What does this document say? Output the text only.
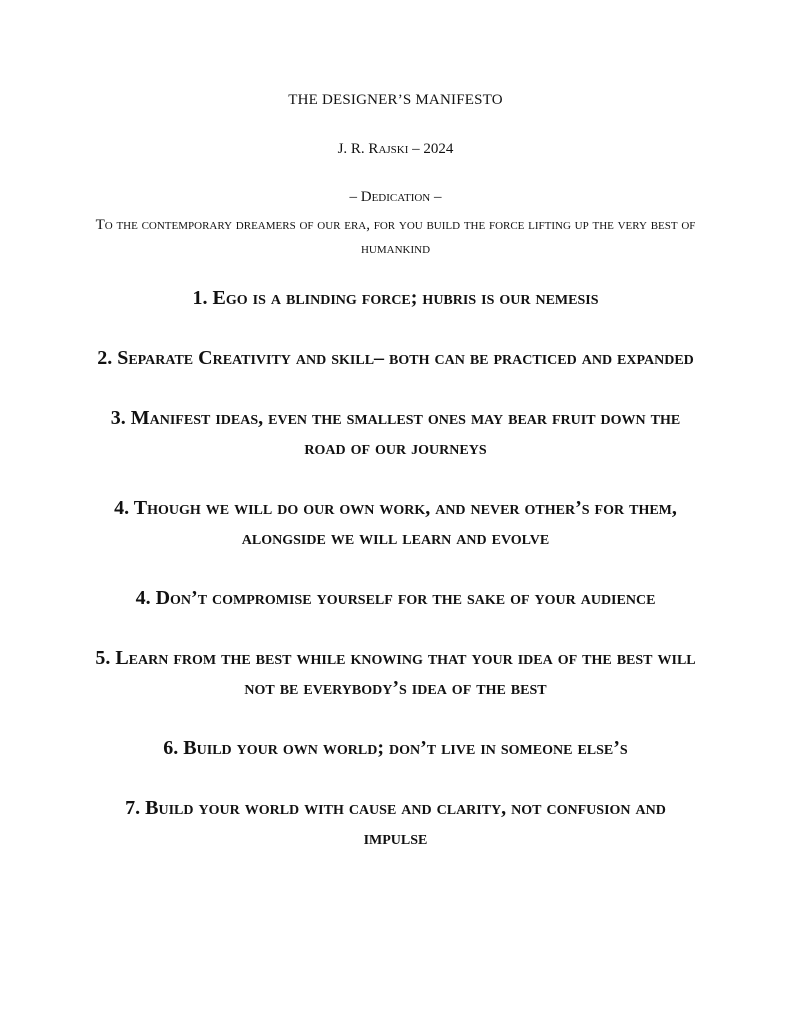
THE DESIGNER’S MANIFESTO
J. R. Rajski – 2024
– Dedication –
To the contemporary dreamers of our era, for you build the force lifting up the very best of humankind
1. Ego is a blinding force; hubris is our nemesis
2. Separate Creativity and skill– both can be practiced and expanded
3. Manifest ideas, even the smallest ones may bear fruit down the road of our journeys
4. Though we will do our own work, and never other’s for them, alongside we will learn and evolve
4. Don’t compromise yourself for the sake of your audience
5. Learn from the best while knowing that your idea of the best will not be everybody’s idea of the best
6. Build your own world; don’t live in someone else’s
7. Build your world with cause and clarity, not confusion and impulse
